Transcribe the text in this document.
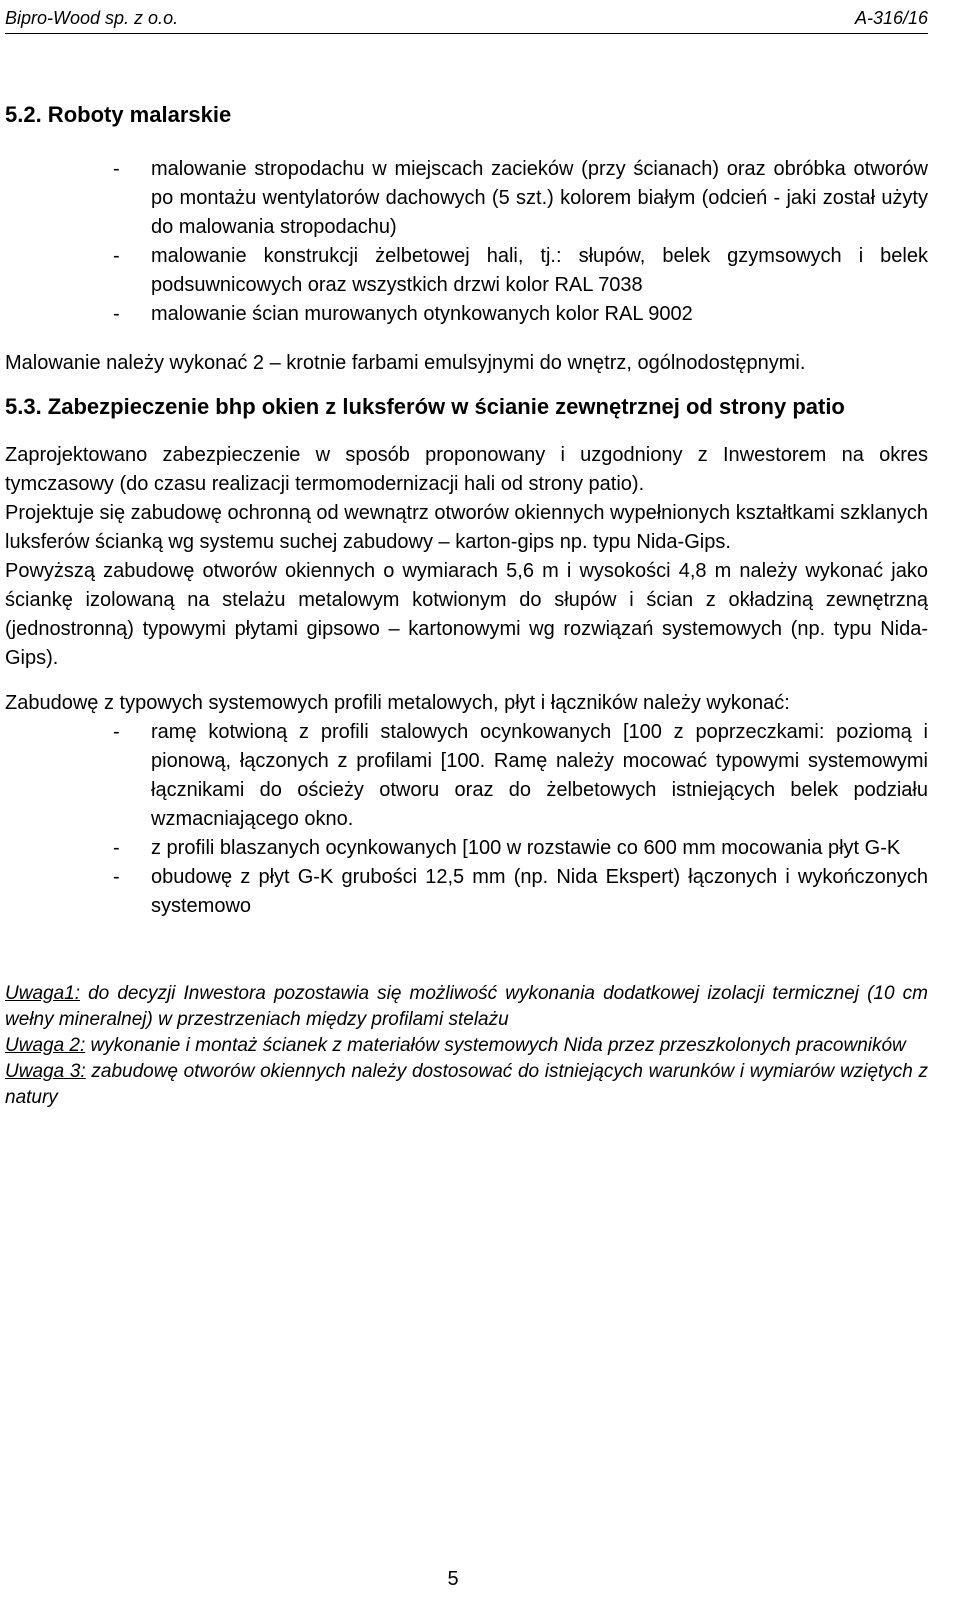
Bipro-Wood sp. z o.o.	A-316/16
5.2. Roboty malarskie
- malowanie stropodachu w miejscach zacieków (przy ścianach) oraz obróbka otworów po montażu wentylatorów dachowych (5 szt.) kolorem białym (odcień - jaki został użyty do malowania stropodachu)
- malowanie konstrukcji żelbetowej hali, tj.: słupów, belek gzymsowych i belek podsuwnicowych oraz wszystkich drzwi kolor RAL 7038
- malowanie ścian murowanych otynkowanych kolor RAL 9002

Malowanie należy wykonać 2 – krotnie farbami emulsyjnymi do wnętrz, ogólnodostępnymi.

5.3. Zabezpieczenie bhp okien z luksferów w ścianie zewnętrznej od strony patio

Zaprojektowano zabezpieczenie w sposób proponowany i uzgodniony z Inwestorem na okres tymczasowy (do czasu realizacji termomodernizacji hali od strony patio).

Projektuje się zabudowę ochronną od wewnątrz otworów okiennych wypełnionych kształtkami szklanych luksferów ścianką wg systemu suchej zabudowy – karton-gips np. typu Nida-Gips.

Powyższą zabudowę otworów okiennych o wymiarach 5,6 m i wysokości 4,8 m należy wykonać jako ściankę izolowaną na stelażu metalowym kotwionym do słupów i ścian z okładziną zewnętrzną (jednostronną) typowymi płytami gipsowo – kartonowymi wg rozwiązań systemowych (np. typu Nida-Gips).

Zabudowę z typowych systemowych profili metalowych, płyt i łączników należy wykonać:

- ramę kotwioną z profili stalowych ocynkowanych [100 z poprzeczkami: poziomą i pionową, łączonych z profilami [100. Ramę należy mocować typowymi systemowymi łącznikami do ościeży otworu oraz do żelbetowych istniejących belek podziału wzmacniającego okno.
- z profili blaszanych ocynkowanych [100 w rozstawie co 600 mm mocowania płyt G-K
- obudowę z płyt G-K grubości 12,5 mm (np. Nida Ekspert) łączonych i wykończonych systemowo

Uwaga1: do decyzji Inwestora pozostawia się możliwość wykonania dodatkowej izolacji termicznej (10 cm wełny mineralnej) w przestrzeniach między profilami stelażu

Uwaga 2: wykonanie i montaż ścianek z materiałów systemowych Nida przez przeszkolonych pracowników

Uwaga 3: zabudowę otworów okiennych należy dostosować do istniejących warunków i wymiarów wziętych z natury

5
